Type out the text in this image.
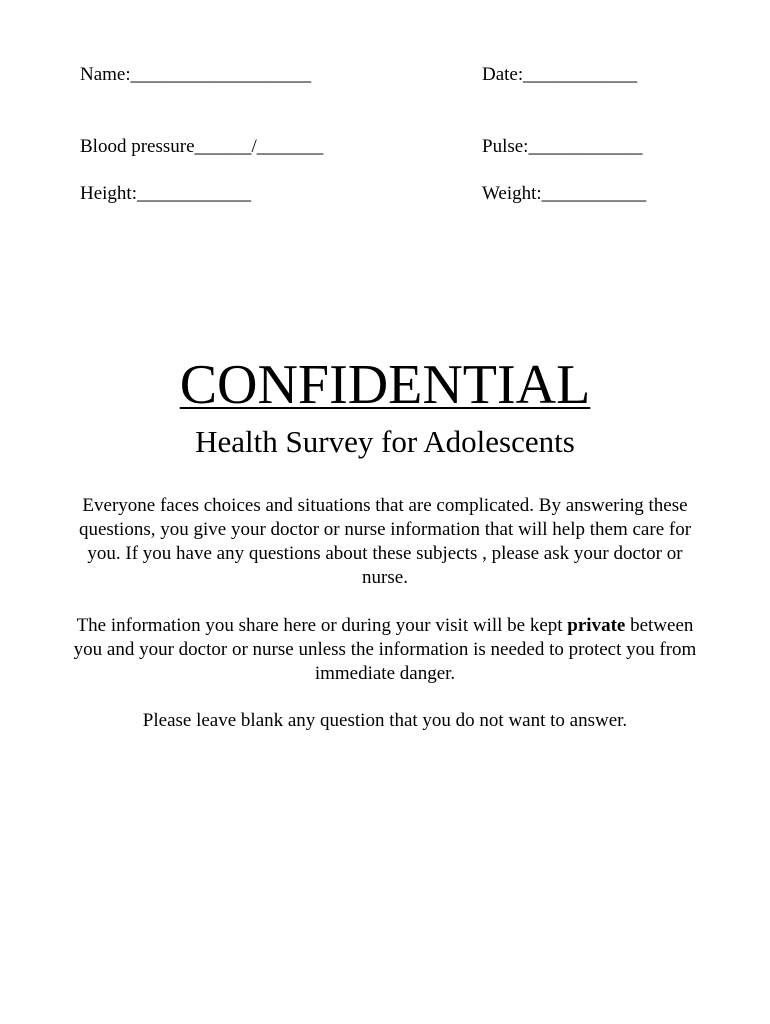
Name:___________________	Date:____________
Blood pressure______/_______	Pulse:____________
Height:____________	Weight:___________
CONFIDENTIAL
Health Survey for Adolescents
Everyone faces choices and situations that are complicated. By answering these questions, you give your doctor or nurse information that will help them care for you. If you have any questions about these subjects , please ask your doctor or nurse.
The information you share here or during your visit will be kept private between you and your doctor or nurse unless the information is needed to protect you from immediate danger.
Please leave blank any question that you do not want to answer.
